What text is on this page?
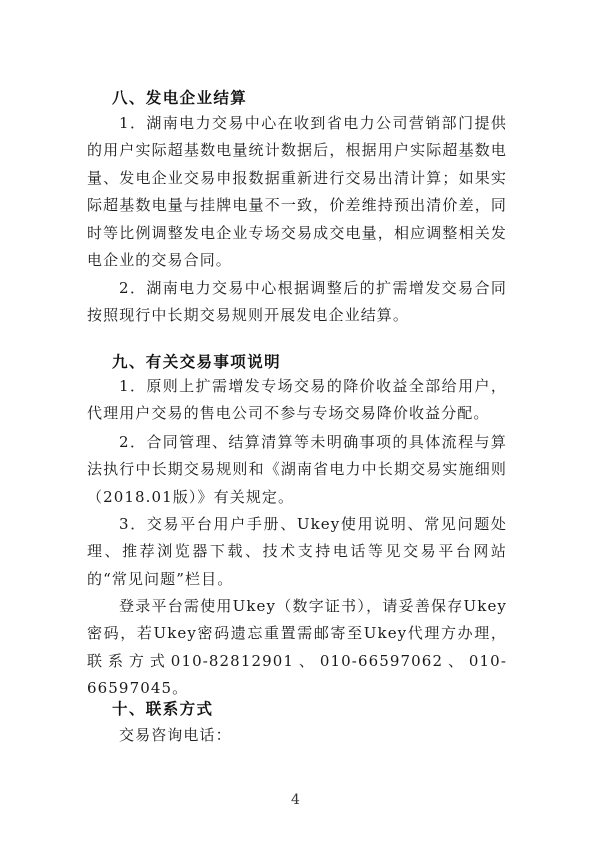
八、发电企业结算
1．湖南电力交易中心在收到省电力公司营销部门提供的用户实际超基数电量统计数据后，根据用户实际超基数电量、发电企业交易申报数据重新进行交易出清计算；如果实际超基数电量与挂牌电量不一致，价差维持预出清价差，同时等比例调整发电企业专场交易成交电量，相应调整相关发电企业的交易合同。
2．湖南电力交易中心根据调整后的扩需增发交易合同按照现行中长期交易规则开展发电企业结算。
九、有关交易事项说明
1．原则上扩需增发专场交易的降价收益全部给用户，代理用户交易的售电公司不参与专场交易降价收益分配。
2．合同管理、结算清算等未明确事项的具体流程与算法执行中长期交易规则和《湖南省电力中长期交易实施细则（2018.01版）》有关规定。
3．交易平台用户手册、Ukey使用说明、常见问题处理、推荐浏览器下载、技术支持电话等见交易平台网站的“常见问题”栏目。
登录平台需使用Ukey（数字证书），请妥善保存Ukey密码，若Ukey密码遗忘重置需邮寄至Ukey代理方办理，联系方式010-82812901、010-66597062、010-66597045。
十、联系方式
交易咨询电话：
4
